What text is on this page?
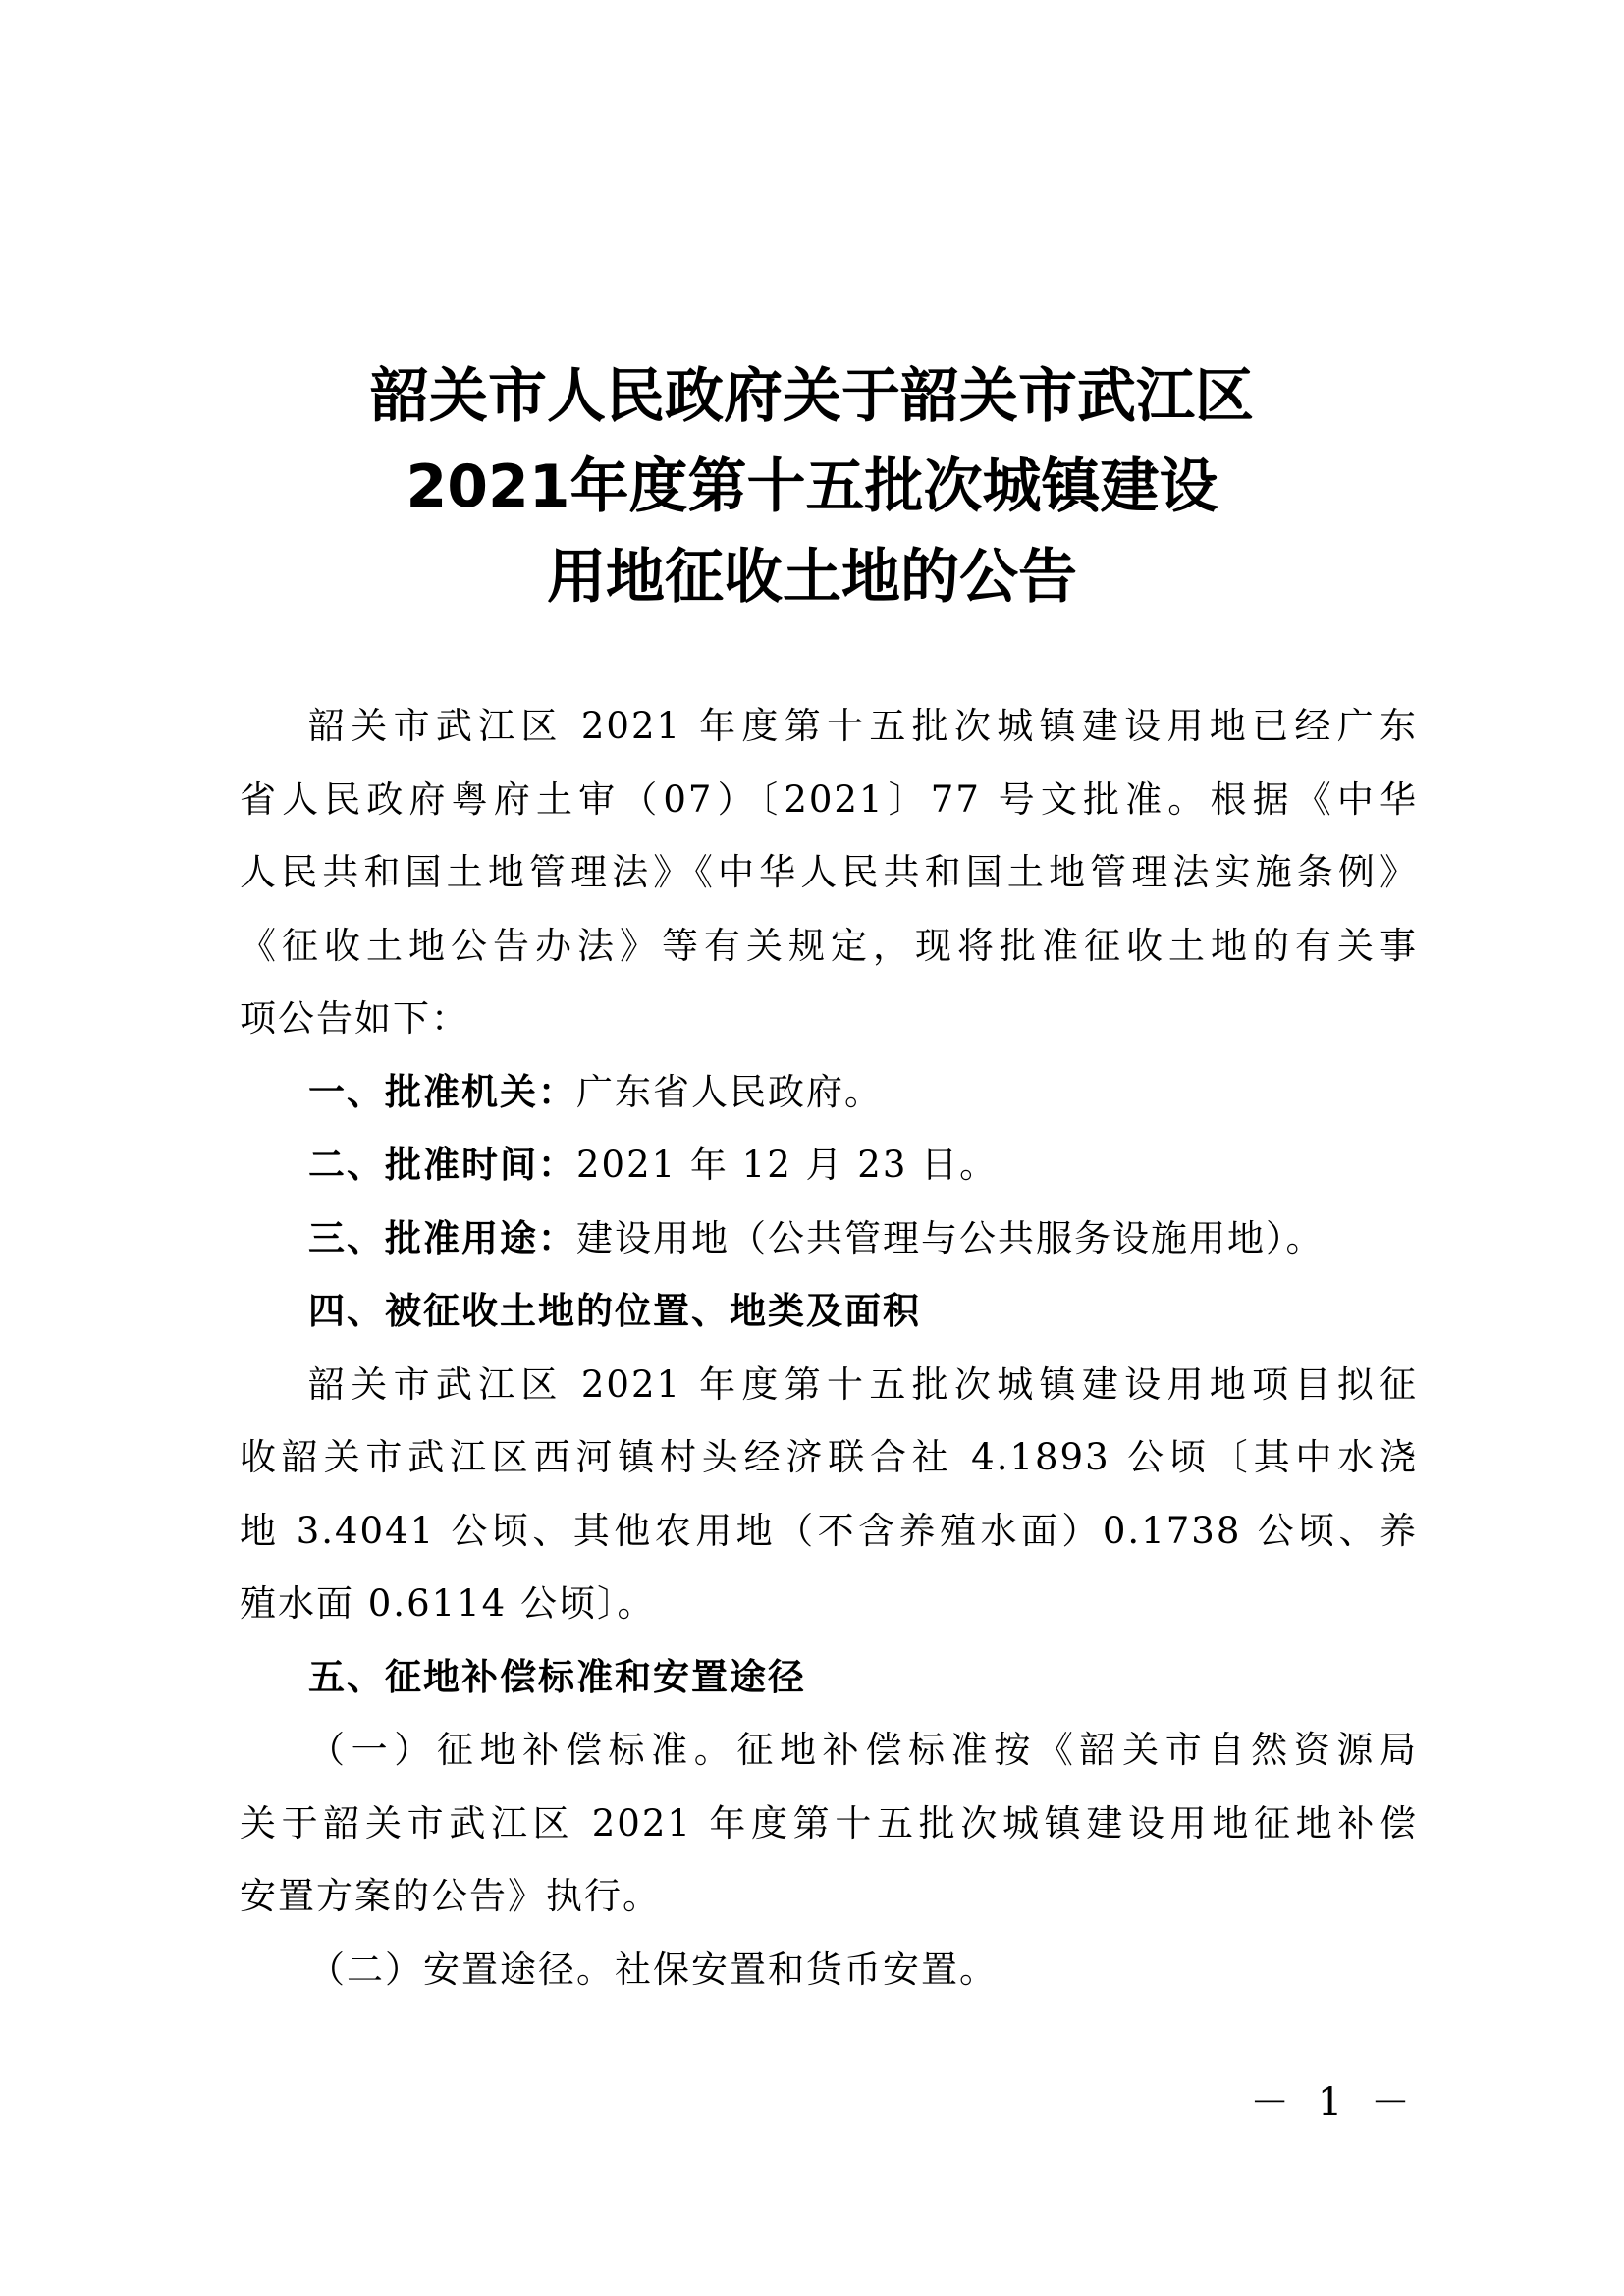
韶关市人民政府关于韶关市武江区
2021年度第十五批次城镇建设
用地征收土地的公告
韶关市武江区 2021 年度第十五批次城镇建设用地已经广东
省人民政府粤府土审（07）〔2021〕77 号文批准。根据《中华
人民共和国土地管理法》《中华人民共和国土地管理法实施条例》
《征收土地公告办法》等有关规定，现将批准征收土地的有关事
项公告如下：
一、批准机关：广东省人民政府。
二、批准时间：2021 年 12 月 23 日。
三、批准用途：建设用地（公共管理与公共服务设施用地）。
四、被征收土地的位置、地类及面积
韶关市武江区 2021 年度第十五批次城镇建设用地项目拟征
收韶关市武江区西河镇村头经济联合社 4.1893 公顷〔其中水浇
地 3.4041 公顷、其他农用地（不含养殖水面）0.1738 公顷、养
殖水面 0.6114 公顷〕。
五、征地补偿标准和安置途径
（一）征地补偿标准。征地补偿标准按《韶关市自然资源局
关于韶关市武江区 2021 年度第十五批次城镇建设用地征地补偿
安置方案的公告》执行。
（二）安置途径。社保安置和货币安置。
－ 1 －
